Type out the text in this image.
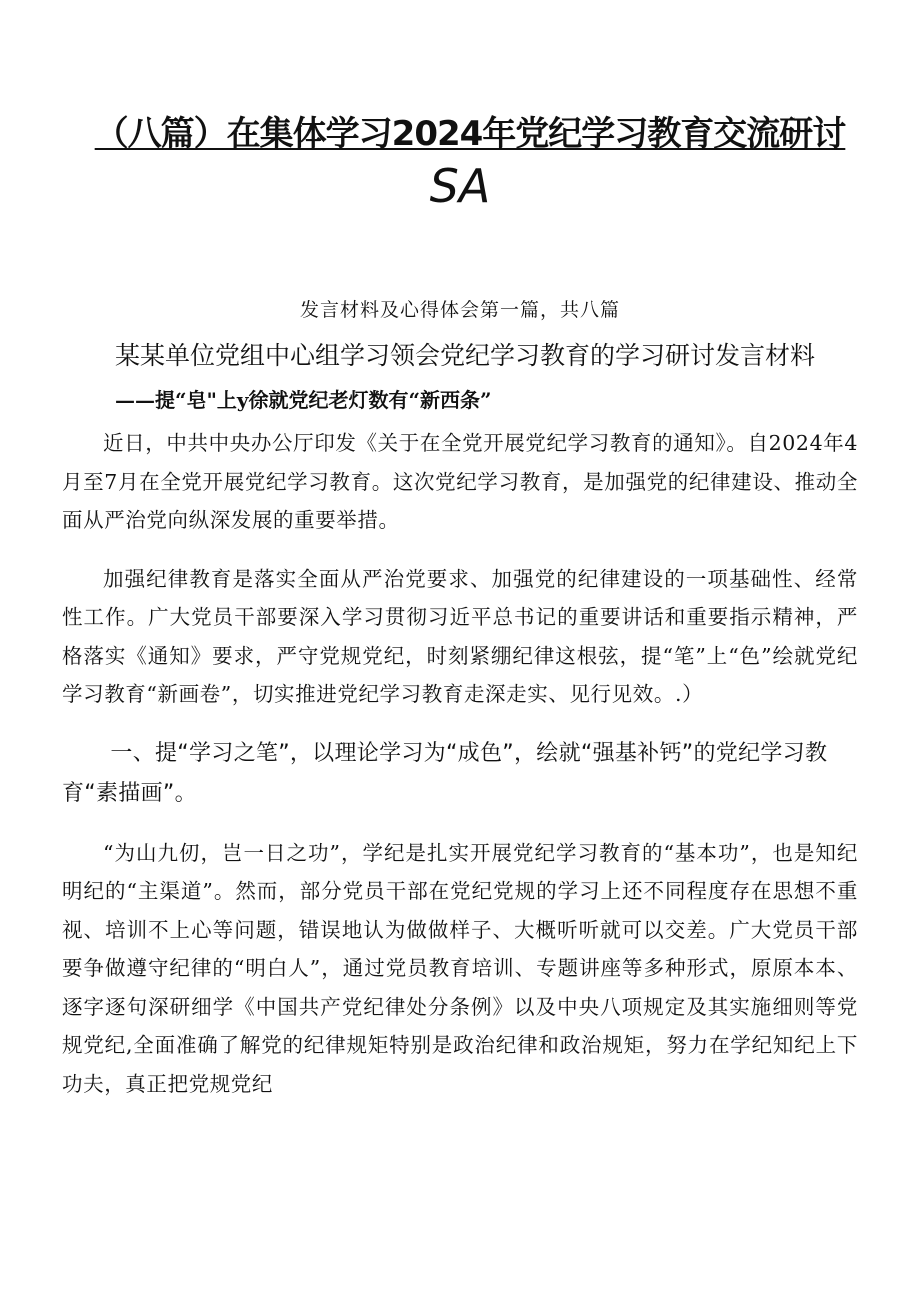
（八篇）在集体学习2024年党纪学习教育交流研讨
SA
发言材料及心得体会第一篇，共八篇
某某单位党组中心组学习领会党纪学习教育的学习研讨发言材料
——提“皂"上y徐就党纪老灯数有“新西条”

近日，中共中央办公厅印发《关于在全党开展党纪学习教育的通知》。自2024年4月至7月在全党开展党纪学习教育。这次党纪学习教育，是加强党的纪律建设、推动全面从严治党向纵深发展的重要举措。

加强纪律教育是落实全面从严治党要求、加强党的纪律建设的一项基础性、经常性工作。广大党员干部要深入学习贯彻习近平总书记的重要讲话和重要指示精神，严格落实《通知》要求，严守党规党纪，时刻紧绷纪律这根弦，提“笔”上“色”绘就党纪学习教育“新画卷”，切实推进党纪学习教育走深走实、见行见效。.）

一、提“学习之笔”，以理论学习为“成色”，绘就“强基补钙”的党纪学习教育“素描画”。

“为山九仞，岂一日之功”，学纪是扎实开展党纪学习教育的“基本功”，也是知纪明纪的“主渠道”。然而，部分党员干部在党纪党规的学习上还不同程度存在思想不重视、培训不上心等问题，错误地认为做做样子、大概听听就可以交差。广大党员干部要争做遵守纪律的“明白人”，通过党员教育培训、专题讲座等多种形式，原原本本、逐字逐句深研细学《中国共产党纪律处分条例》以及中央八项规定及其实施细则等党规党纪,全面准确了解党的纪律规矩特别是政治纪律和政治规矩，努力在学纪知纪上下功夫，真正把党规党纪
